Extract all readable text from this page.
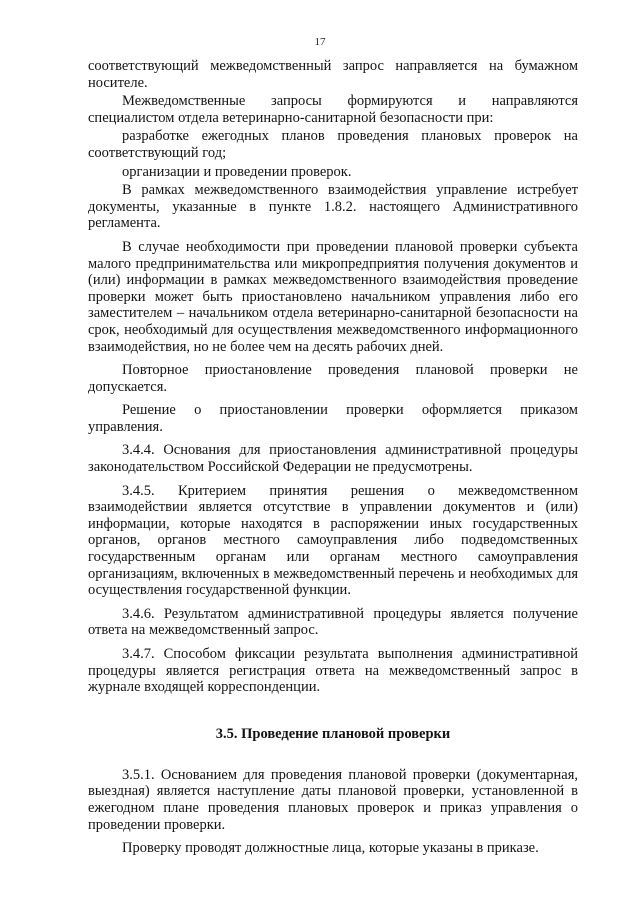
17

соответствующий межведомственный запрос направляется на бумажном носителе.

Межведомственные запросы формируются и направляются специалистом отдела ветеринарно-санитарной безопасности при:

разработке ежегодных планов проведения плановых проверок на соответствующий год;

организации и проведении проверок.

В рамках межведомственного взаимодействия управление истребует документы, указанные в пункте 1.8.2. настоящего Административного регламента.

В случае необходимости при проведении плановой проверки субъекта малого предпринимательства или микропредприятия получения документов и (или) информации в рамках межведомственного взаимодействия проведение проверки может быть приостановлено начальником управления либо его заместителем – начальником отдела ветеринарно-санитарной безопасности на срок, необходимый для осуществления межведомственного информационного взаимодействия, но не более чем на десять рабочих дней.

Повторное приостановление проведения плановой проверки не допускается.

Решение о приостановлении проверки оформляется приказом управления.

3.4.4. Основания для приостановления административной процедуры законодательством Российской Федерации не предусмотрены.

3.4.5. Критерием принятия решения о межведомственном взаимодействии является отсутствие в управлении документов и (или) информации, которые находятся в распоряжении иных государственных органов, органов местного самоуправления либо подведомственных государственным органам или органам местного самоуправления организациям, включенных в межведомственный перечень и необходимых для осуществления государственной функции.

3.4.6. Результатом административной процедуры является получение ответа на межведомственный запрос.

3.4.7. Способом фиксации результата выполнения административной процедуры является регистрация ответа на межведомственный запрос в журнале входящей корреспонденции.

3.5. Проведение плановой проверки

3.5.1. Основанием для проведения плановой проверки (документарная, выездная) является наступление даты плановой проверки, установленной в ежегодном плане проведения плановых проверок и приказ управления о проведении проверки.

Проверку проводят должностные лица, которые указаны в приказе.
